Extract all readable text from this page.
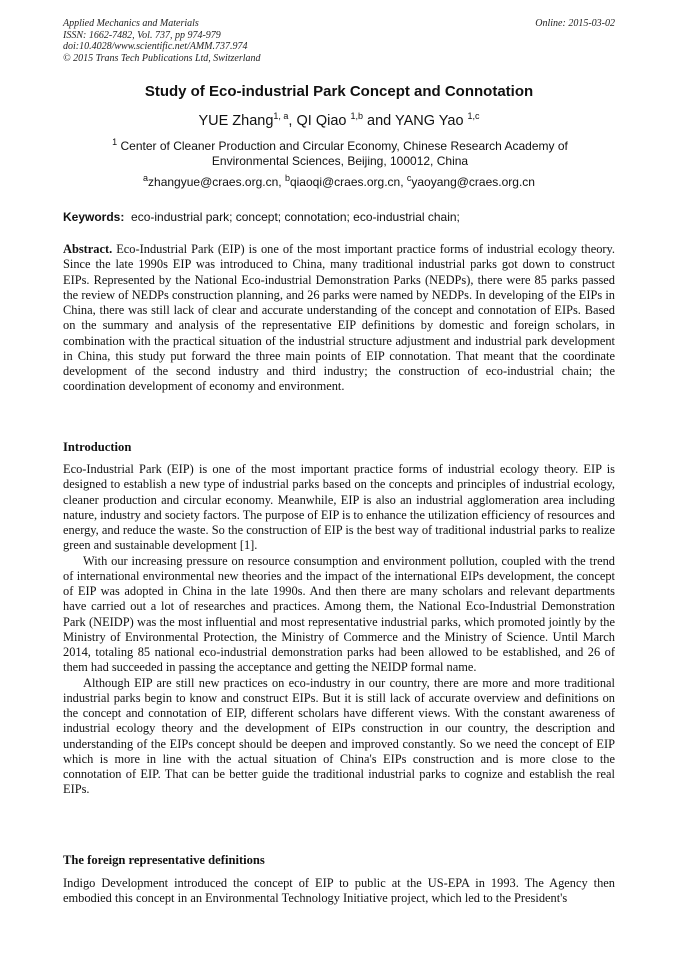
Applied Mechanics and Materials
ISSN: 1662-7482, Vol. 737, pp 974-979
doi:10.4028/www.scientific.net/AMM.737.974
© 2015 Trans Tech Publications Ltd, Switzerland
Online: 2015-03-02
Study of Eco-industrial Park Concept and Connotation
YUE Zhang$^{1, a}$, QI Qiao $^{1,b}$ and YANG Yao $^{1,c}$
$^1$ Center of Cleaner Production and Circular Economy, Chinese Research Academy of Environmental Sciences, Beijing, 100012, China
$^a$zhangyue@craes.org.cn, $^b$qiaoqi@craes.org.cn, $^c$yaoyang@craes.org.cn
Keywords: eco-industrial park; concept; connotation; eco-industrial chain;

Abstract. Eco-Industrial Park (EIP) is one of the most important practice forms of industrial ecology theory. Since the late 1990s EIP was introduced to China, many traditional industrial parks got down to construct EIPs. Represented by the National Eco-industrial Demonstration Parks (NEDPs), there were 85 parks passed the review of NEDPs construction planning, and 26 parks were named by NEDPs. In developing of the EIPs in China, there was still lack of clear and accurate understanding of the concept and connotation of EIPs. Based on the summary and analysis of the representative EIP definitions by domestic and foreign scholars, in combination with the practical situation of the industrial structure adjustment and industrial park development in China, this study put forward the three main points of EIP connotation. That meant that the coordinate development of the second industry and third industry; the construction of eco-industrial chain; the coordination development of economy and environment.

Introduction

Eco-Industrial Park (EIP) is one of the most important practice forms of industrial ecology theory. EIP is designed to establish a new type of industrial parks based on the concepts and principles of industrial ecology, cleaner production and circular economy. Meanwhile, EIP is also an industrial agglomeration area including nature, industry and society factors. The purpose of EIP is to enhance the utilization efficiency of resources and energy, and reduce the waste. So the construction of EIP is the best way of traditional industrial parks to realize green and sustainable development [1].

With our increasing pressure on resource consumption and environment pollution, coupled with the trend of international environmental new theories and the impact of the international EIPs development, the concept of EIP was adopted in China in the late 1990s. And then there are many scholars and relevant departments have carried out a lot of researches and practices. Among them, the National Eco-Industrial Demonstration Park (NEIDP) was the most influential and most representative industrial parks, which promoted jointly by the Ministry of Environmental Protection, the Ministry of Commerce and the Ministry of Science. Until March 2014, totaling 85 national eco-industrial demonstration parks had been allowed to be established, and 26 of them had succeeded in passing the acceptance and getting the NEIDP formal name.

Although EIP are still new practices on eco-industry in our country, there are more and more traditional industrial parks begin to know and construct EIPs. But it is still lack of accurate overview and definitions on the concept and connotation of EIP, different scholars have different views. With the constant awareness of industrial ecology theory and the development of EIPs construction in our country, the description and understanding of the EIPs concept should be deepen and improved constantly. So we need the concept of EIP which is more in line with the actual situation of China's EIPs construction and is more close to the connotation of EIP. That can be better guide the traditional industrial parks to cognize and establish the real EIPs.

The foreign representative definitions

Indigo Development introduced the concept of EIP to public at the US-EPA in 1993. The Agency then embodied this concept in an Environmental Technology Initiative project, which led to the President's
